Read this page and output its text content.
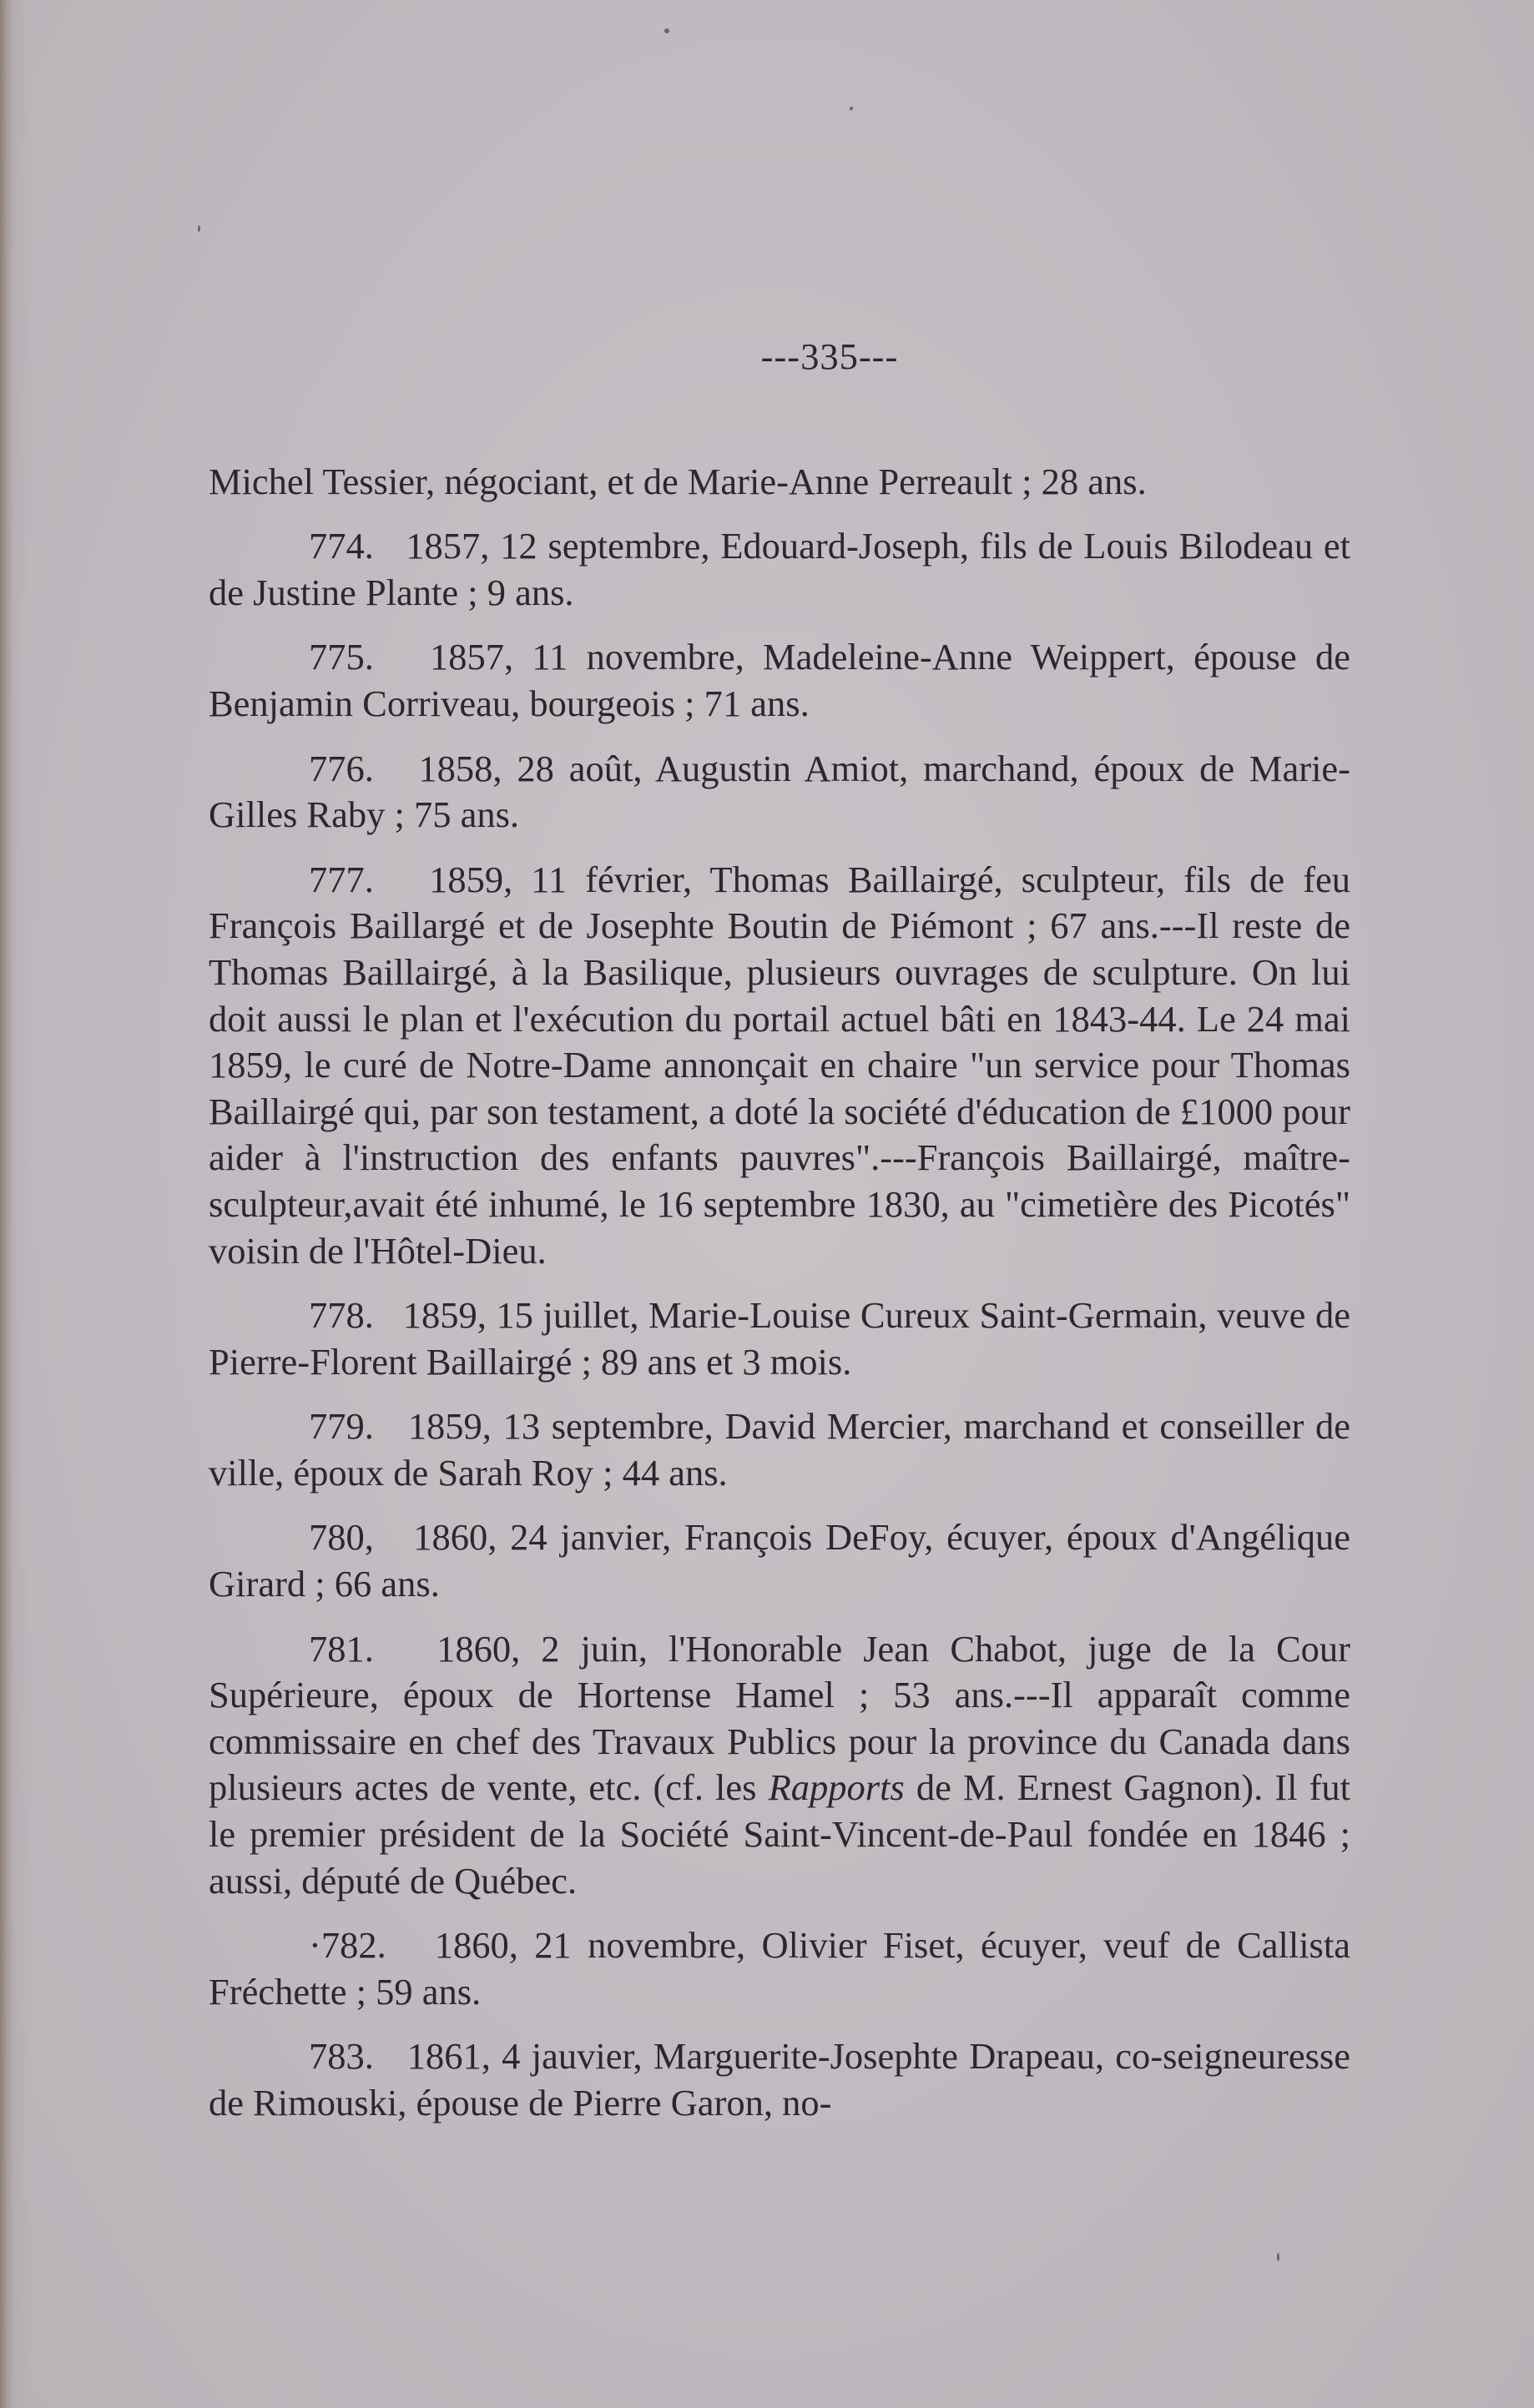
---335---

Michel Tessier, négociant, et de Marie-Anne Perreault ; 28 ans.

774. 1857, 12 septembre, Edouard-Joseph, fils de Louis Bilodeau et de Justine Plante ; 9 ans.

775. 1857, 11 novembre, Madeleine-Anne Weippert, épouse de Benjamin Corriveau, bourgeois ; 71 ans.

776. 1858, 28 août, Augustin Amiot, marchand, époux de Marie-Gilles Raby ; 75 ans.

777. 1859, 11 février, Thomas Baillairgé, sculpteur, fils de feu François Baillargé et de Josephte Boutin de Piémont ; 67 ans.---Il reste de Thomas Baillairgé, à la Basilique, plusieurs ouvrages de sculpture. On lui doit aussi le plan et l'exécution du portail actuel bâti en 1843-44. Le 24 mai 1859, le curé de Notre-Dame annonçait en chaire "un service pour Thomas Baillairgé qui, par son testament, a doté la société d'éducation de £1000 pour aider à l'instruction des enfants pauvres".---François Baillairgé, maître-sculpteur,avait été inhumé, le 16 septembre 1830, au "cimetière des Picotés" voisin de l'Hôtel-Dieu.

778. 1859, 15 juillet, Marie-Louise Cureux Saint-Germain, veuve de Pierre-Florent Baillairgé ; 89 ans et 3 mois.

779. 1859, 13 septembre, David Mercier, marchand et conseiller de ville, époux de Sarah Roy ; 44 ans.

780, 1860, 24 janvier, François DeFoy, écuyer, époux d'Angélique Girard ; 66 ans.

781. 1860, 2 juin, l'Honorable Jean Chabot, juge de la Cour Supérieure, époux de Hortense Hamel ; 53 ans.---Il apparaît comme commissaire en chef des Travaux Publics pour la province du Canada dans plusieurs actes de vente, etc. (cf. les Rapports de M. Ernest Gagnon). Il fut le premier président de la Société Saint-Vincent-de-Paul fondée en 1846 ; aussi, député de Québec.

·782. 1860, 21 novembre, Olivier Fiset, écuyer, veuf de Callista Fréchette ; 59 ans.

783. 1861, 4 jauvier, Marguerite-Josephte Drapeau, co-seigneuresse de Rimouski, épouse de Pierre Garon, no-
